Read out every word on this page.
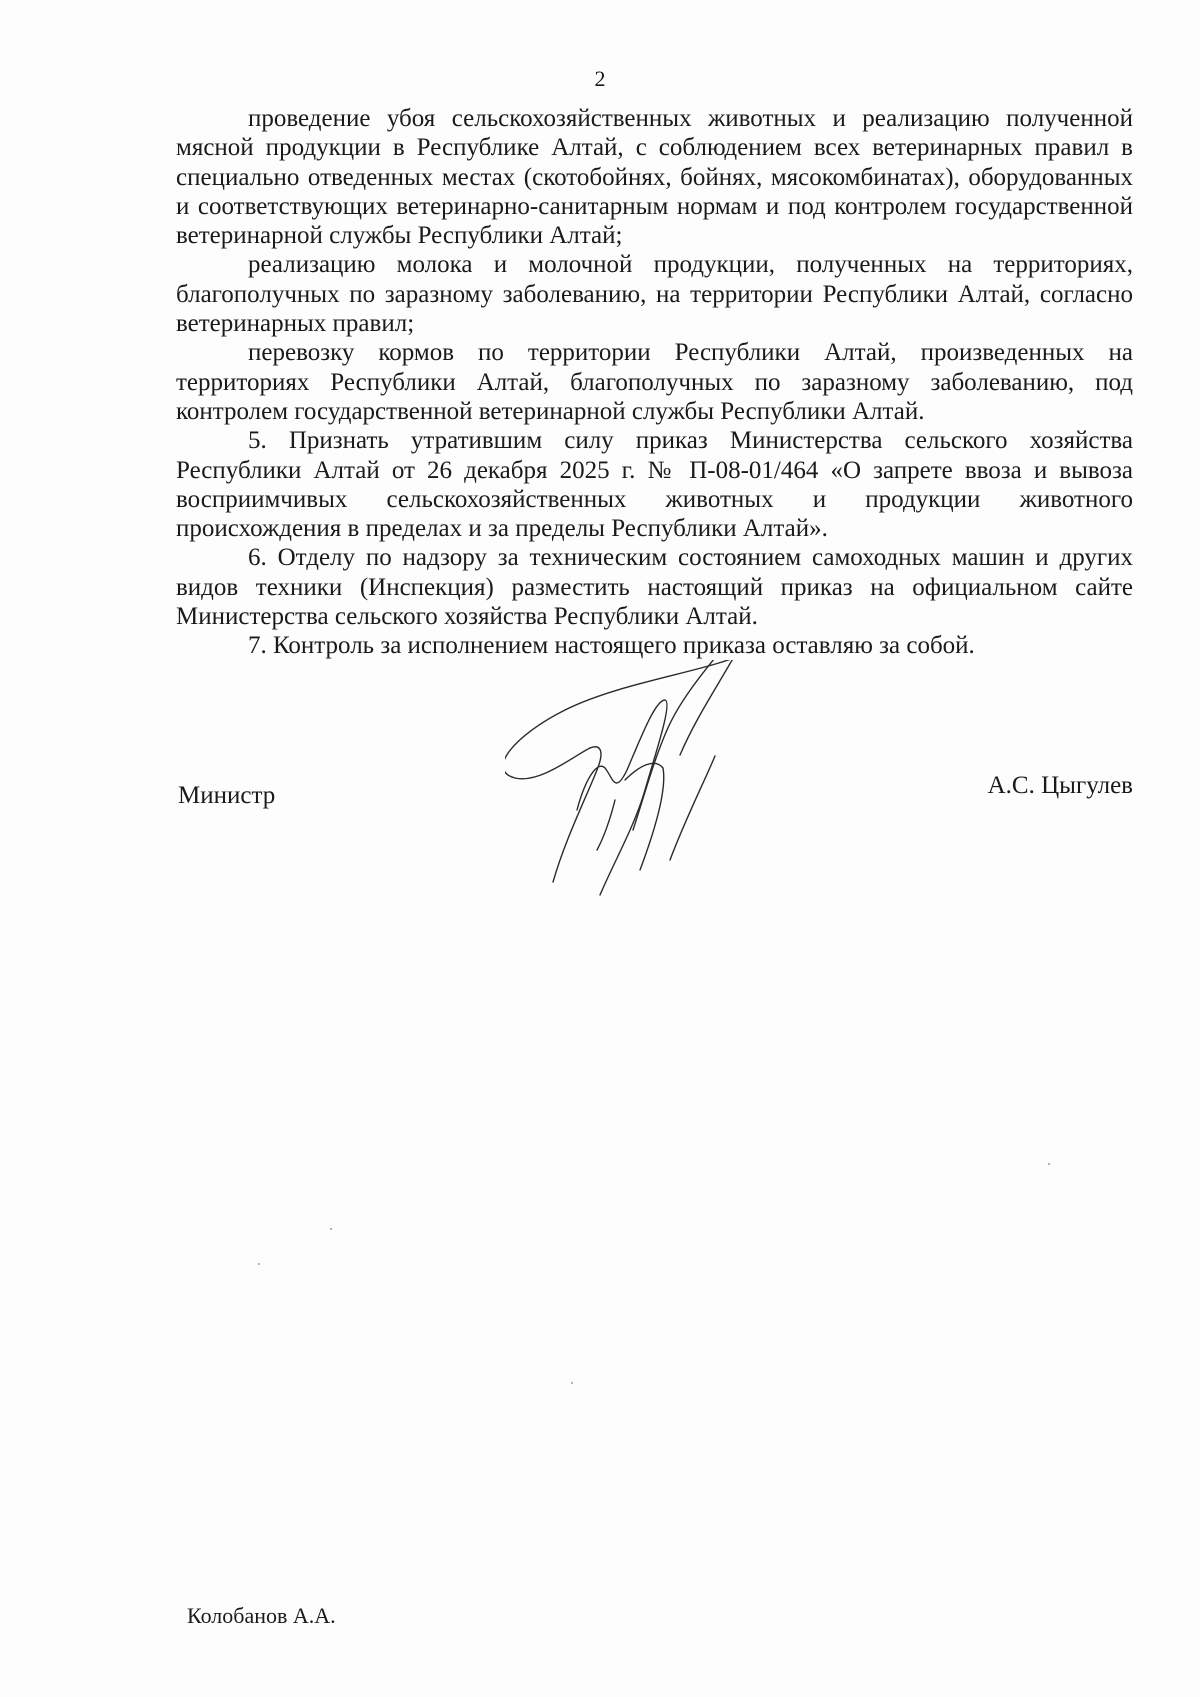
2

проведение убоя сельскохозяйственных животных и реализацию полученной мясной продукции в Республике Алтай, с соблюдением всех ветеринарных правил в специально отведенных местах (скотобойнях, бойнях, мясокомбинатах), оборудованных и соответствующих ветеринарно-санитарным нормам и под контролем государственной ветеринарной службы Республики Алтай;

реализацию молока и молочной продукции, полученных на территориях, благополучных по заразному заболеванию, на территории Республики Алтай, согласно ветеринарных правил;

перевозку кормов по территории Республики Алтай, произведенных на территориях Республики Алтай, благополучных по заразному заболеванию, под контролем государственной ветеринарной службы Республики Алтай.

5. Признать утратившим силу приказ Министерства сельского хозяйства Республики Алтай от 26 декабря 2025 г. № П-08-01/464 «О запрете ввоза и вывоза восприимчивых сельскохозяйственных животных и продукции животного происхождения в пределах и за пределы Республики Алтай».

6. Отделу по надзору за техническим состоянием самоходных машин и других видов техники (Инспекция) разместить настоящий приказ на официальном сайте Министерства сельского хозяйства Республики Алтай.

7. Контроль за исполнением настоящего приказа оставляю за собой.

Министр	А.С. Цыгулев
Колобанов А.А.
